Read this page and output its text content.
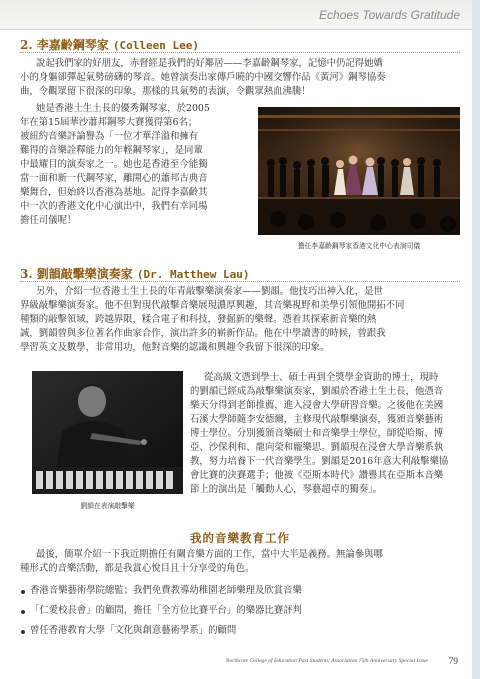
Echoes Towards Gratitude
2. 李嘉齡鋼琴家 (Colleen Lee)
說起我們家的好朋友，赤督經是我們的好鄰居——李嘉齡鋼琴家，記憶中仍記得她嬌
小的身軀卻彈起氣勢磅礴的琴音。她曾演奏出家傳戶曉的中國交響作品《黃河》鋼琴協奏
曲，令觀眾留下很深的印象。那樣的具氣勢的表演，令觀眾熱血沸騰！
她是香港土生土長的優秀鋼琴家，於2005
年在第15屆華沙蕭邦鋼琴大賽獲得第6名；
被紐約音樂評論譽為「一位才華洋溢和擁有
難得的音樂詮釋能力的年輕鋼琴家」，是同輩
中最耀目的演奏家之一。她也是香港至今能獨
當一面和新一代鋼琴家，離開心的蕭邦古典音
樂舞台，但始終以香港為基地。記得李嘉齡其
中一次的香港文化中心演出中，我們有幸同場
擔任司儀呢！
擔任李嘉齡鋼琴家香港文化中心表演司儀
3. 劉韻敲擊樂演奏家 (Dr. Matthew Lau)
另外，介紹一位香港土生土長的年青敲擊樂演奏家——劉韻。他技巧出神入化，是世
界級敲擊樂演奏家。他不但對現代敲擊音樂展現濃厚興趣，其音樂視野和美學引領他開拓不同
種類的敲擊領域，跨越界限，糅合電子和科技，發掘新的樂聲。憑着其探索新音樂的熱
誠，劉韻曾與多位著名作曲家合作，演出許多的嶄新作品。他在中學讀書的時候，曾跟我
學習英文及數學，非常用功，他對音樂的認識和興趣令我留下很深的印象。
劉韻在表演敲擊樂
從高級文憑到學士、碩士再到全獎學金資助的博士，現時
的劉韻已經成為敲擊樂演奏家，劉韻於香港土生土長，他憑音
樂天分得到老師推薦，進入浸會大學研習音樂。之後他在美國
石溪大學師隨李安德爾，主修現代敲擊樂演奏，獲頒音樂藝術
博士學位。分別獲頒音樂碩士和音樂學士學位，師從哈斯、博
亞、沙保利和、龍向榮和龐樂思。劉韻現在浸會大學音樂系執
教，努力培養下一代音樂學生。劉韻是2016年意大利敲擊樂協
會比賽的決賽選手；他被《亞斯本時代》讚譽其在亞斯本音樂
節上的演出是「觸動人心，琴藝超卓的獨奏」。
我的音樂教育工作
最後，簡單介紹一下我近期擔任有關音樂方面的工作，當中大半是義務。無論參與哪
種形式的音樂活動，都是我賞心悅目且十分享受的角色。
香港音樂藝術學院總監；我們免費教導幼稚園老師樂理及欣賞音樂
「仁愛校長會」的顧問，擔任「全方位比賽平台」的樂器比賽評判
曾任香港教育大學「文化與創意藝術學系」的顧問
Northcote College of Education Past Students' Association 75th Anniversary Special Issue 79
